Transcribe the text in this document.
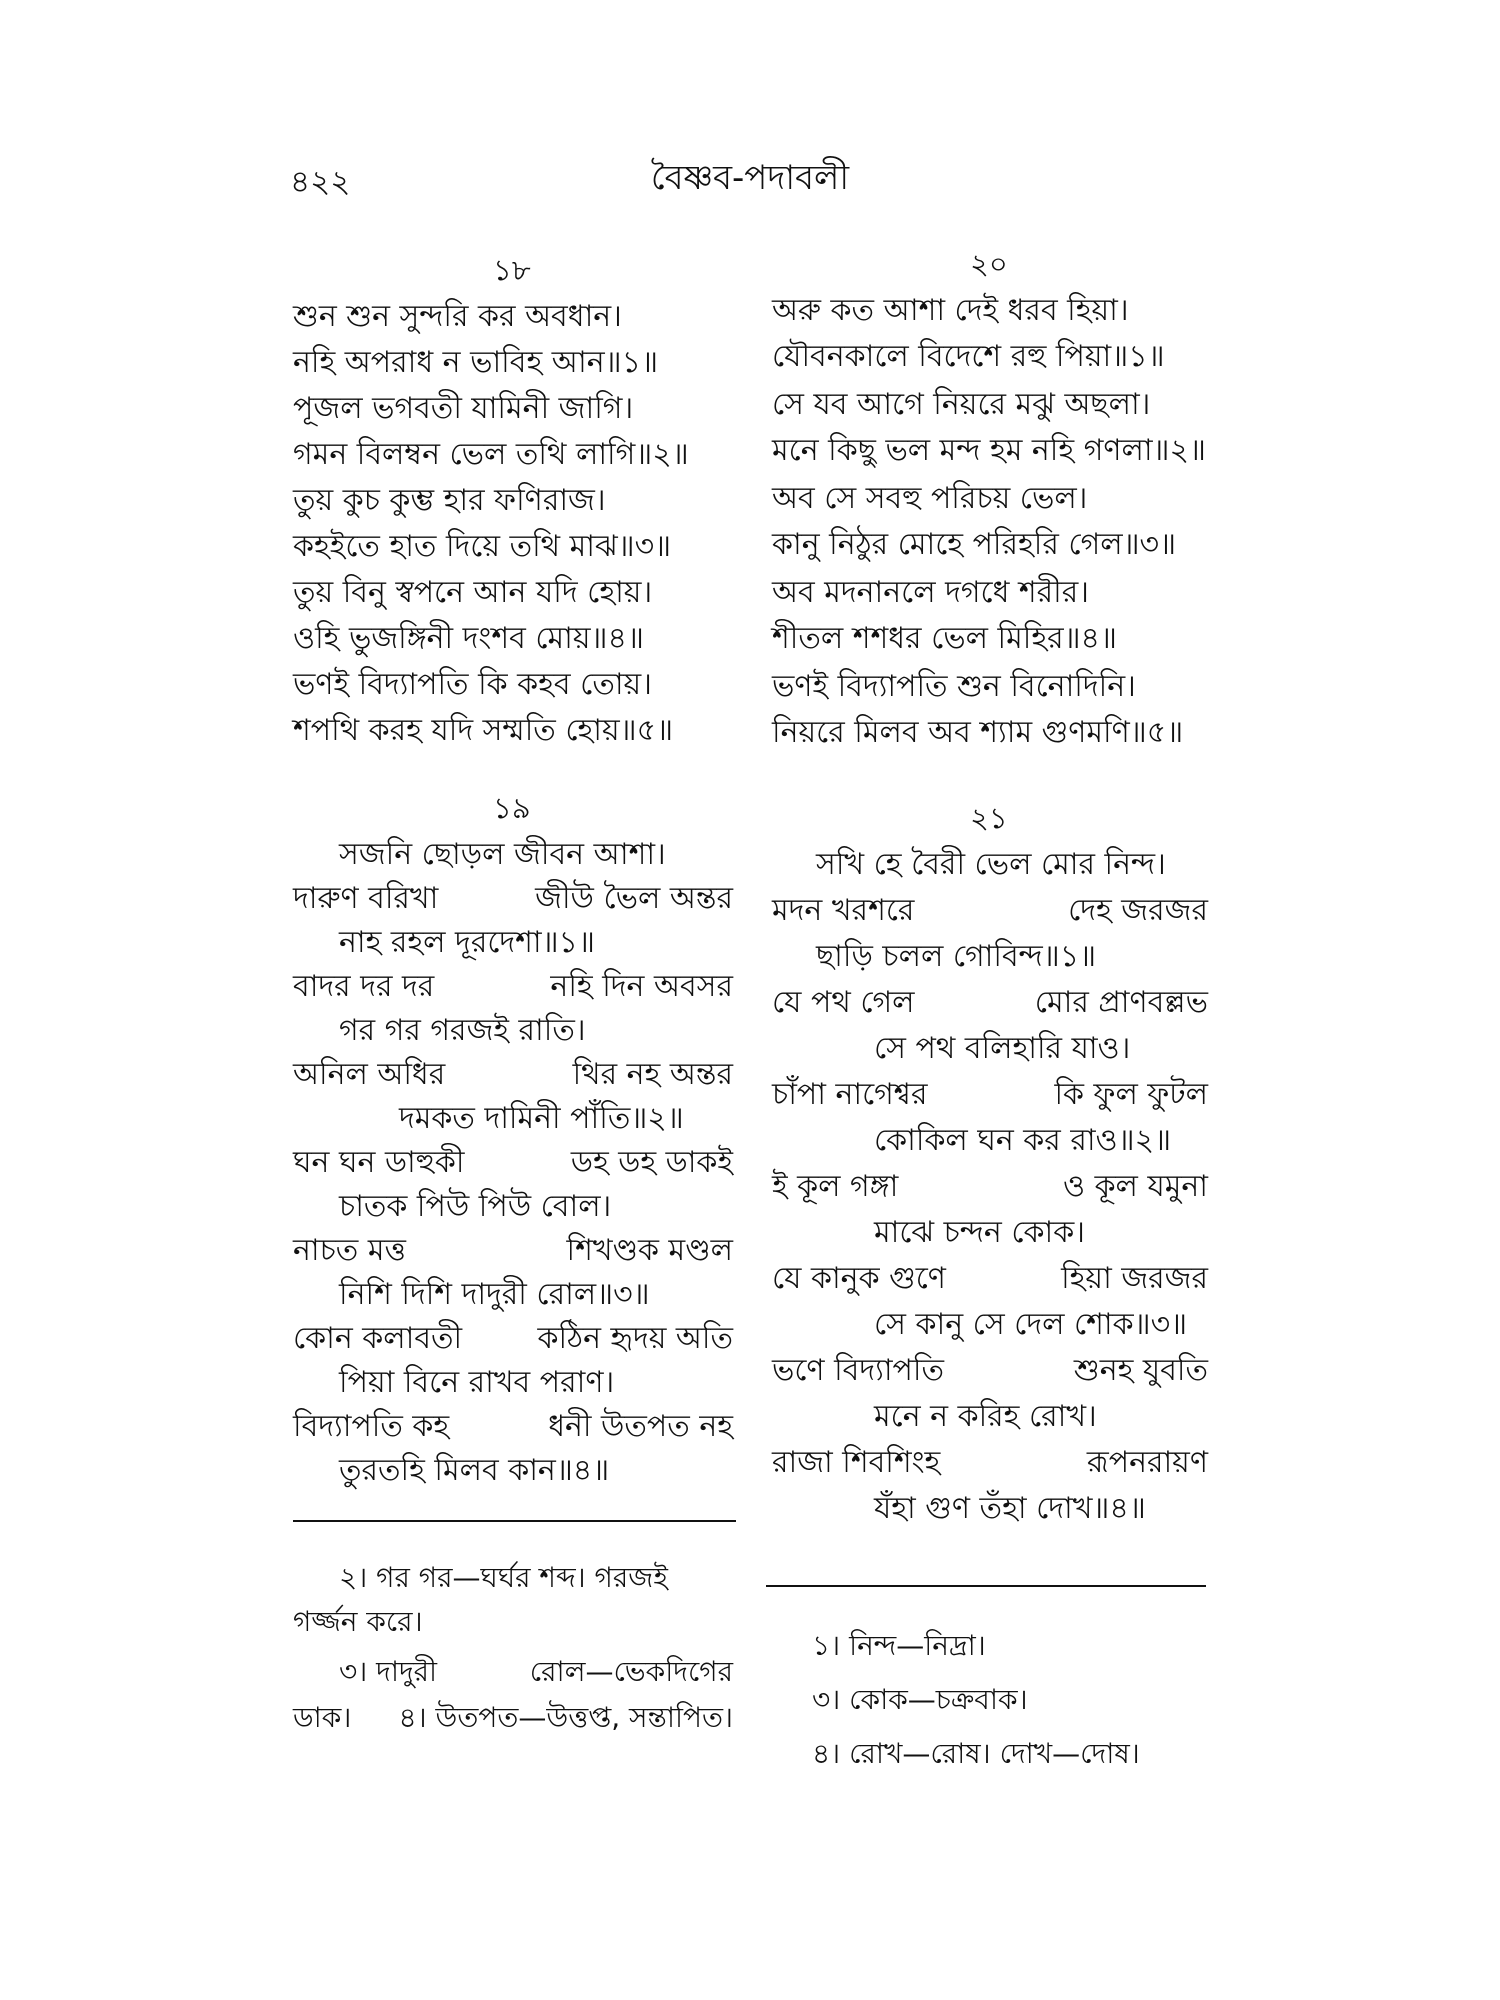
৪২২	বৈষ্ণব-পদাবলী
১৮
শুন শুন সুন্দরি কর অবধান।
নহি অপরাধ ন ভাবিহ আন॥১॥
পূজল ভগবতী যামিনী জাগি।
গমন বিলম্বন ভেল তথি লাগি॥২॥
তুয় কুচ কুম্ভ হার ফণিরাজ।
কহইতে হাত দিয়ে তথি মাঝ॥৩॥
তুয় বিনু স্বপনে আন যদি হোয়।
ওহি ভুজঙ্গিনী দংশব মোয়॥৪॥
ভণই বিদ্যাপতি কি কহব তোয়।
শপথি করহ যদি সম্মতি হোয়॥৫॥
১৯
সজনি ছোড়ল জীবন আশা।
দারুণ বরিখা	জীউ ভৈল অন্তর
নাহ রহল দূরদেশা॥১॥
বাদর দর দর	নহি দিন অবসর
গর গর গরজই রাতি।
অনিল অধির	থির নহ অন্তর
দমকত দামিনী পাঁতি॥২॥
ঘন ঘন ডাহুকী	ডহ ডহ ডাকই
চাতক পিউ পিউ বোল।
নাচত মত্ত	শিখণ্ডক মণ্ডল
নিশি দিশি দাদুরী রোল॥৩॥
কোন কলাবতী	কঠিন হৃদয় অতি
পিয়া বিনে রাখব পরাণ।
বিদ্যাপতি কহ	ধনী উতপত নহ
তুরতহি মিলব কান॥৪॥
২। গর গর—ঘর্ঘর শব্দ। গরজই
গর্জ্জন করে।
৩। দাদুরী	রোল—ভেকদিগের
ডাক। ৪। উতপত—উত্তপ্ত, সন্তাপিত।
২০
অরু কত আশা দেই ধরব হিয়া।
যৌবনকালে বিদেশে রহু পিয়া॥১॥
সে যব আগে নিয়রে মঝু অছলা।
মনে কিছু ভল মন্দ হম নহি গণলা॥২॥
অব সে সবহু পরিচয় ভেল।
কানু নিঠুর মোহে পরিহরি গেল॥৩॥
অব মদনানলে দগধে শরীর।
শীতল শশধর ভেল মিহির॥৪॥
ভণই বিদ্যাপতি শুন বিনোদিনি।
নিয়রে মিলব অব শ্যাম গুণমণি॥৫॥
২১
সখি হে বৈরী ভেল মোর নিন্দ।
মদন খরশরে	দেহ জরজর
ছাড়ি চলল গোবিন্দ॥১॥
যে পথ গেল	মোর প্রাণবল্লভ
সে পথ বলিহারি যাও।
চাঁপা নাগেশ্বর	কি ফুল ফুটল
কোকিল ঘন কর রাও॥২॥
ই কূল গঙ্গা	ও কূল যমুনা
মাঝে চন্দন কোক।
যে কানুক গুণে	হিয়া জরজর
সে কানু সে দেল শোক॥৩॥
ভণে বিদ্যাপতি	শুনহ যুবতি
মনে ন করিহ রোখ।
রাজা শিবশিংহ	রূপনরায়ণ
যঁহা গুণ তঁহা দোখ॥৪॥
১। নিন্দ—নিদ্রা।
৩। কোক—চক্রবাক।
৪। রোখ—রোষ। দোখ—দোষ।
